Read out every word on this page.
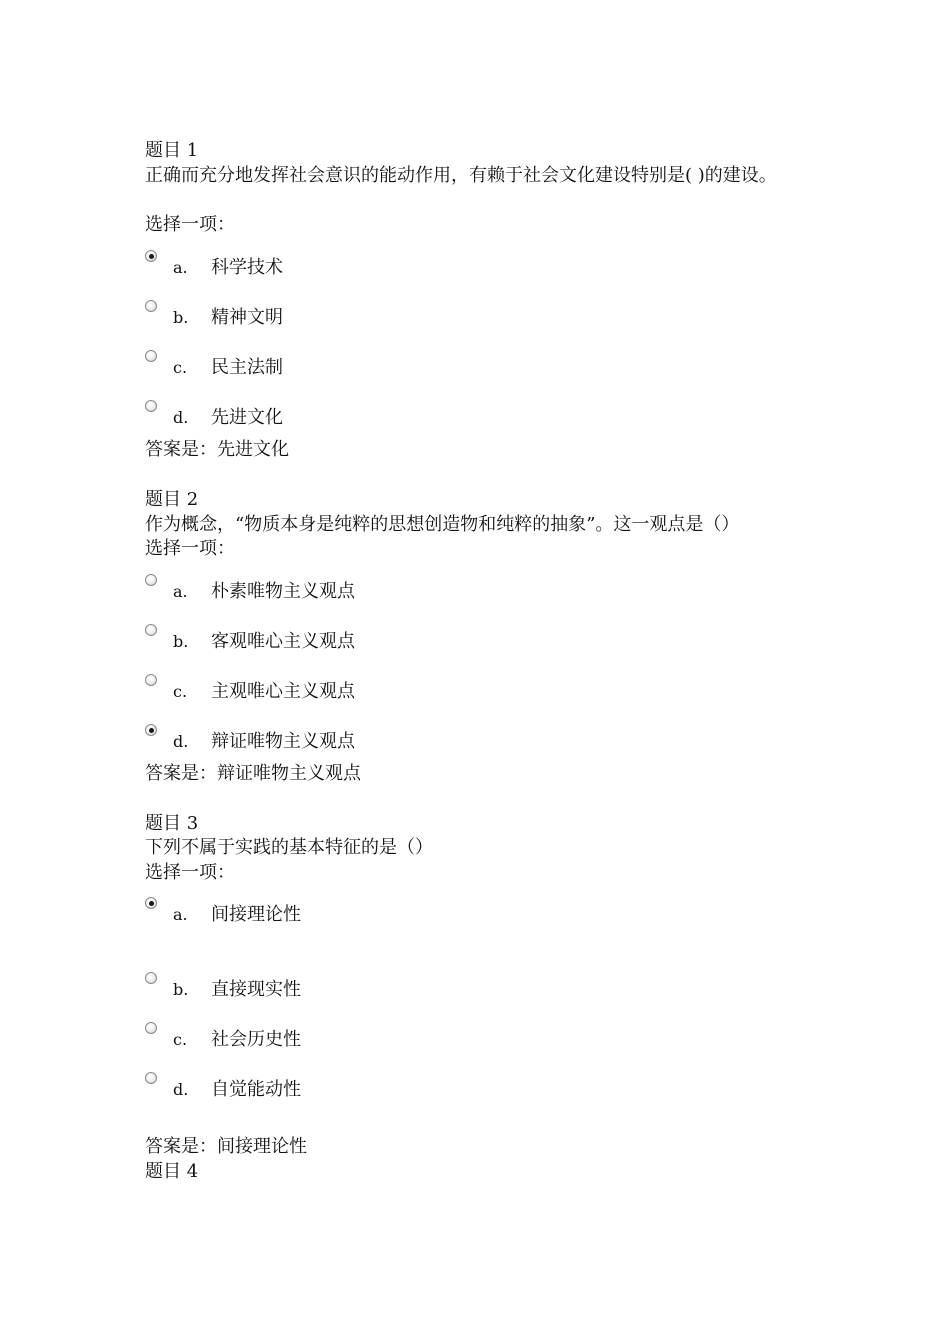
题目 1
正确而充分地发挥社会意识的能动作用，有赖于社会文化建设特别是( )的建设。
选择一项：
a. 科学技术
b. 精神文明
c. 民主法制
d. 先进文化
答案是：先进文化
题目 2
作为概念，“物质本身是纯粹的思想创造物和纯粹的抽象”。这一观点是（）
选择一项：
a. 朴素唯物主义观点
b. 客观唯心主义观点
c. 主观唯心主义观点
d. 辩证唯物主义观点
答案是：辩证唯物主义观点
题目 3
下列不属于实践的基本特征的是（）
选择一项：
a. 间接理论性
b. 直接现实性
c. 社会历史性
d. 自觉能动性
答案是：间接理论性
题目 4
